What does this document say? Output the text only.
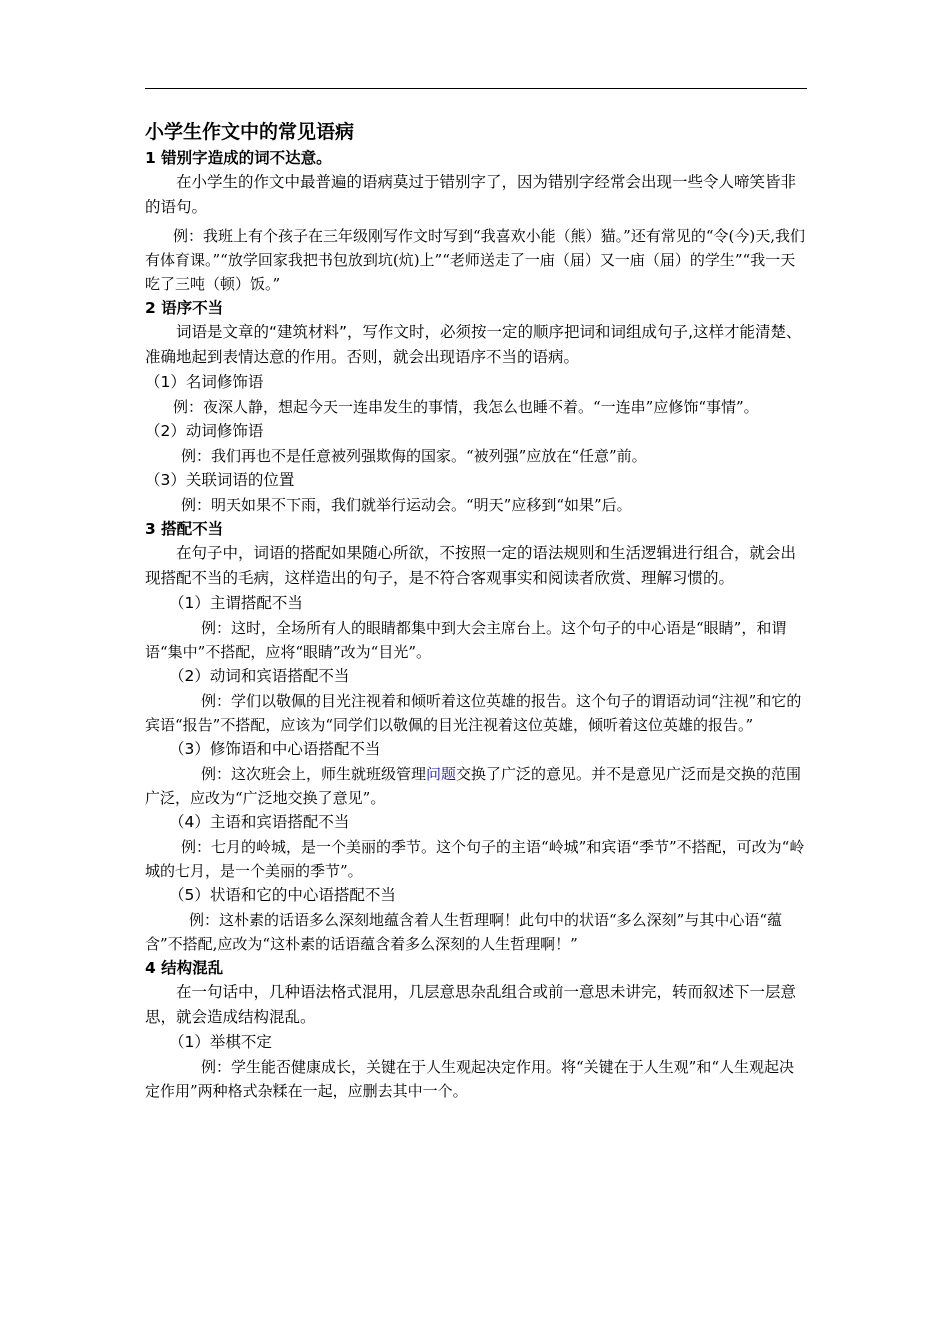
小学生作文中的常见语病

1 错别字造成的词不达意。

在小学生的作文中最普遍的语病莫过于错别字了，因为错别字经常会出现一些令人啼笑皆非的语句。

例：我班上有个孩子在三年级刚写作文时写到“我喜欢小能（熊）猫。”还有常见的“令(今)天,我们有体育课。”“放学回家我把书包放到坑(炕)上”“老师送走了一庙（届）又一庙（届）的学生”“我一天吃了三吨（顿）饭。”

2 语序不当

词语是文章的“建筑材料”，写作文时，必须按一定的顺序把词和词组成句子,这样才能清楚、准确地起到表情达意的作用。否则，就会出现语序不当的语病。

（1）名词修饰语

例：夜深人静，想起今天一连串发生的事情，我怎么也睡不着。“一连串”应修饰“事情”。

（2）动词修饰语

例：我们再也不是任意被列强欺侮的国家。“被列强”应放在“任意”前。

（3）关联词语的位置

例：明天如果不下雨，我们就举行运动会。“明天”应移到“如果”后。

3 搭配不当

在句子中，词语的搭配如果随心所欲，不按照一定的语法规则和生活逻辑进行组合，就会出现搭配不当的毛病，这样造出的句子，是不符合客观事实和阅读者欣赏、理解习惯的。

（1）主谓搭配不当

例：这时，全场所有人的眼睛都集中到大会主席台上。这个句子的中心语是“眼睛”，和谓语“集中”不搭配，应将“眼睛”改为“目光”。

（2）动词和宾语搭配不当

例：学们以敬佩的目光注视着和倾听着这位英雄的报告。这个句子的谓语动词“注视”和它的宾语“报告”不搭配，应该为“同学们以敬佩的目光注视着这位英雄，倾听着这位英雄的报告。”

（3）修饰语和中心语搭配不当

例：这次班会上，师生就班级管理问题交换了广泛的意见。并不是意见广泛而是交换的范围广泛，应改为“广泛地交换了意见”。

（4）主语和宾语搭配不当

例：七月的岭城，是一个美丽的季节。这个句子的主语“岭城”和宾语“季节”不搭配，可改为“岭城的七月，是一个美丽的季节”。

（5）状语和它的中心语搭配不当

例：这朴素的话语多么深刻地蕴含着人生哲理啊！此句中的状语“多么深刻”与其中心语“蕴含”不搭配,应改为“这朴素的话语蕴含着多么深刻的人生哲理啊！”

4 结构混乱

在一句话中，几种语法格式混用，几层意思杂乱组合或前一意思未讲完，转而叙述下一层意思，就会造成结构混乱。

（1）举棋不定

例：学生能否健康成长，关键在于人生观起决定作用。将“关键在于人生观”和“人生观起决定作用”两种格式杂糅在一起，应删去其中一个。
